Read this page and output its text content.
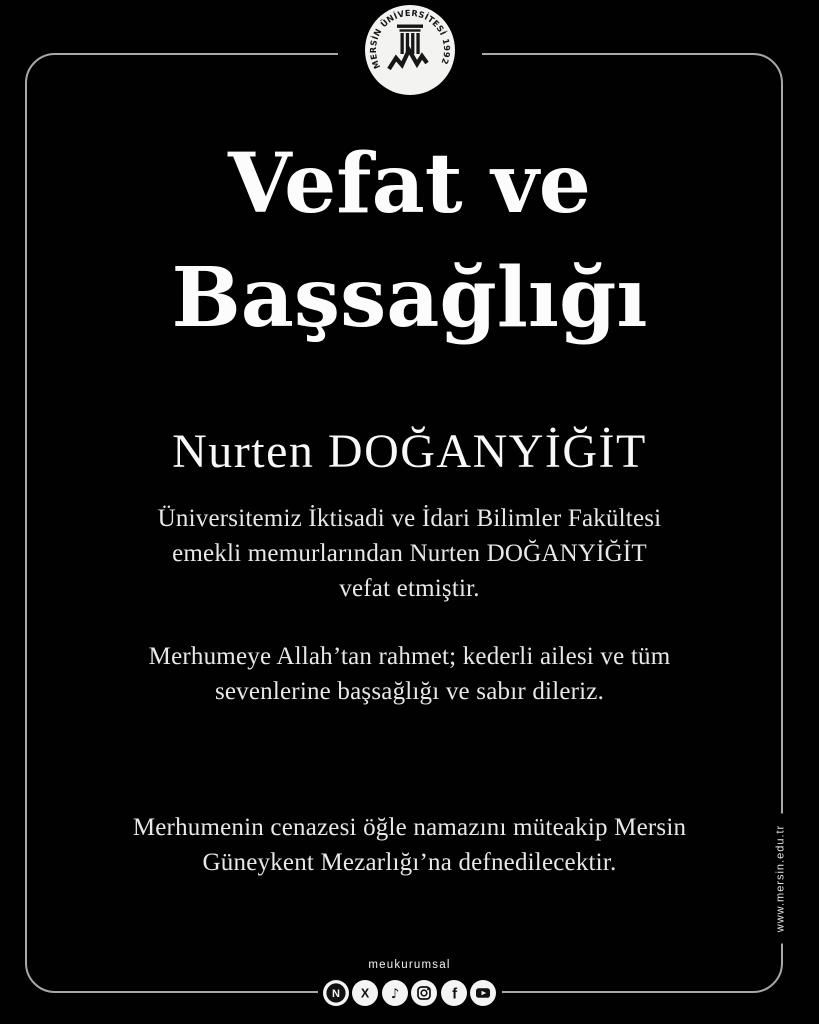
MERSİN ÜNİVERSİTESİ 1992
Vefat ve
Başsağlığı
Nurten DOĞANYİĞİT
Üniversitemiz İktisadi ve İdari Bilimler Fakültesi
emekli memurlarından Nurten DOĞANYİĞİT
vefat etmiştir.
Merhumeye Allah’tan rahmet; kederli ailesi ve tüm
sevenlerine başsağlığı ve sabır dileriz.
Merhumenin cenazesi öğle namazını müteakip Mersin
Güneykent Mezarlığı’na defnedilecektir.	www.mersin.edu.tr
meukurumsal
N X ♪	f
